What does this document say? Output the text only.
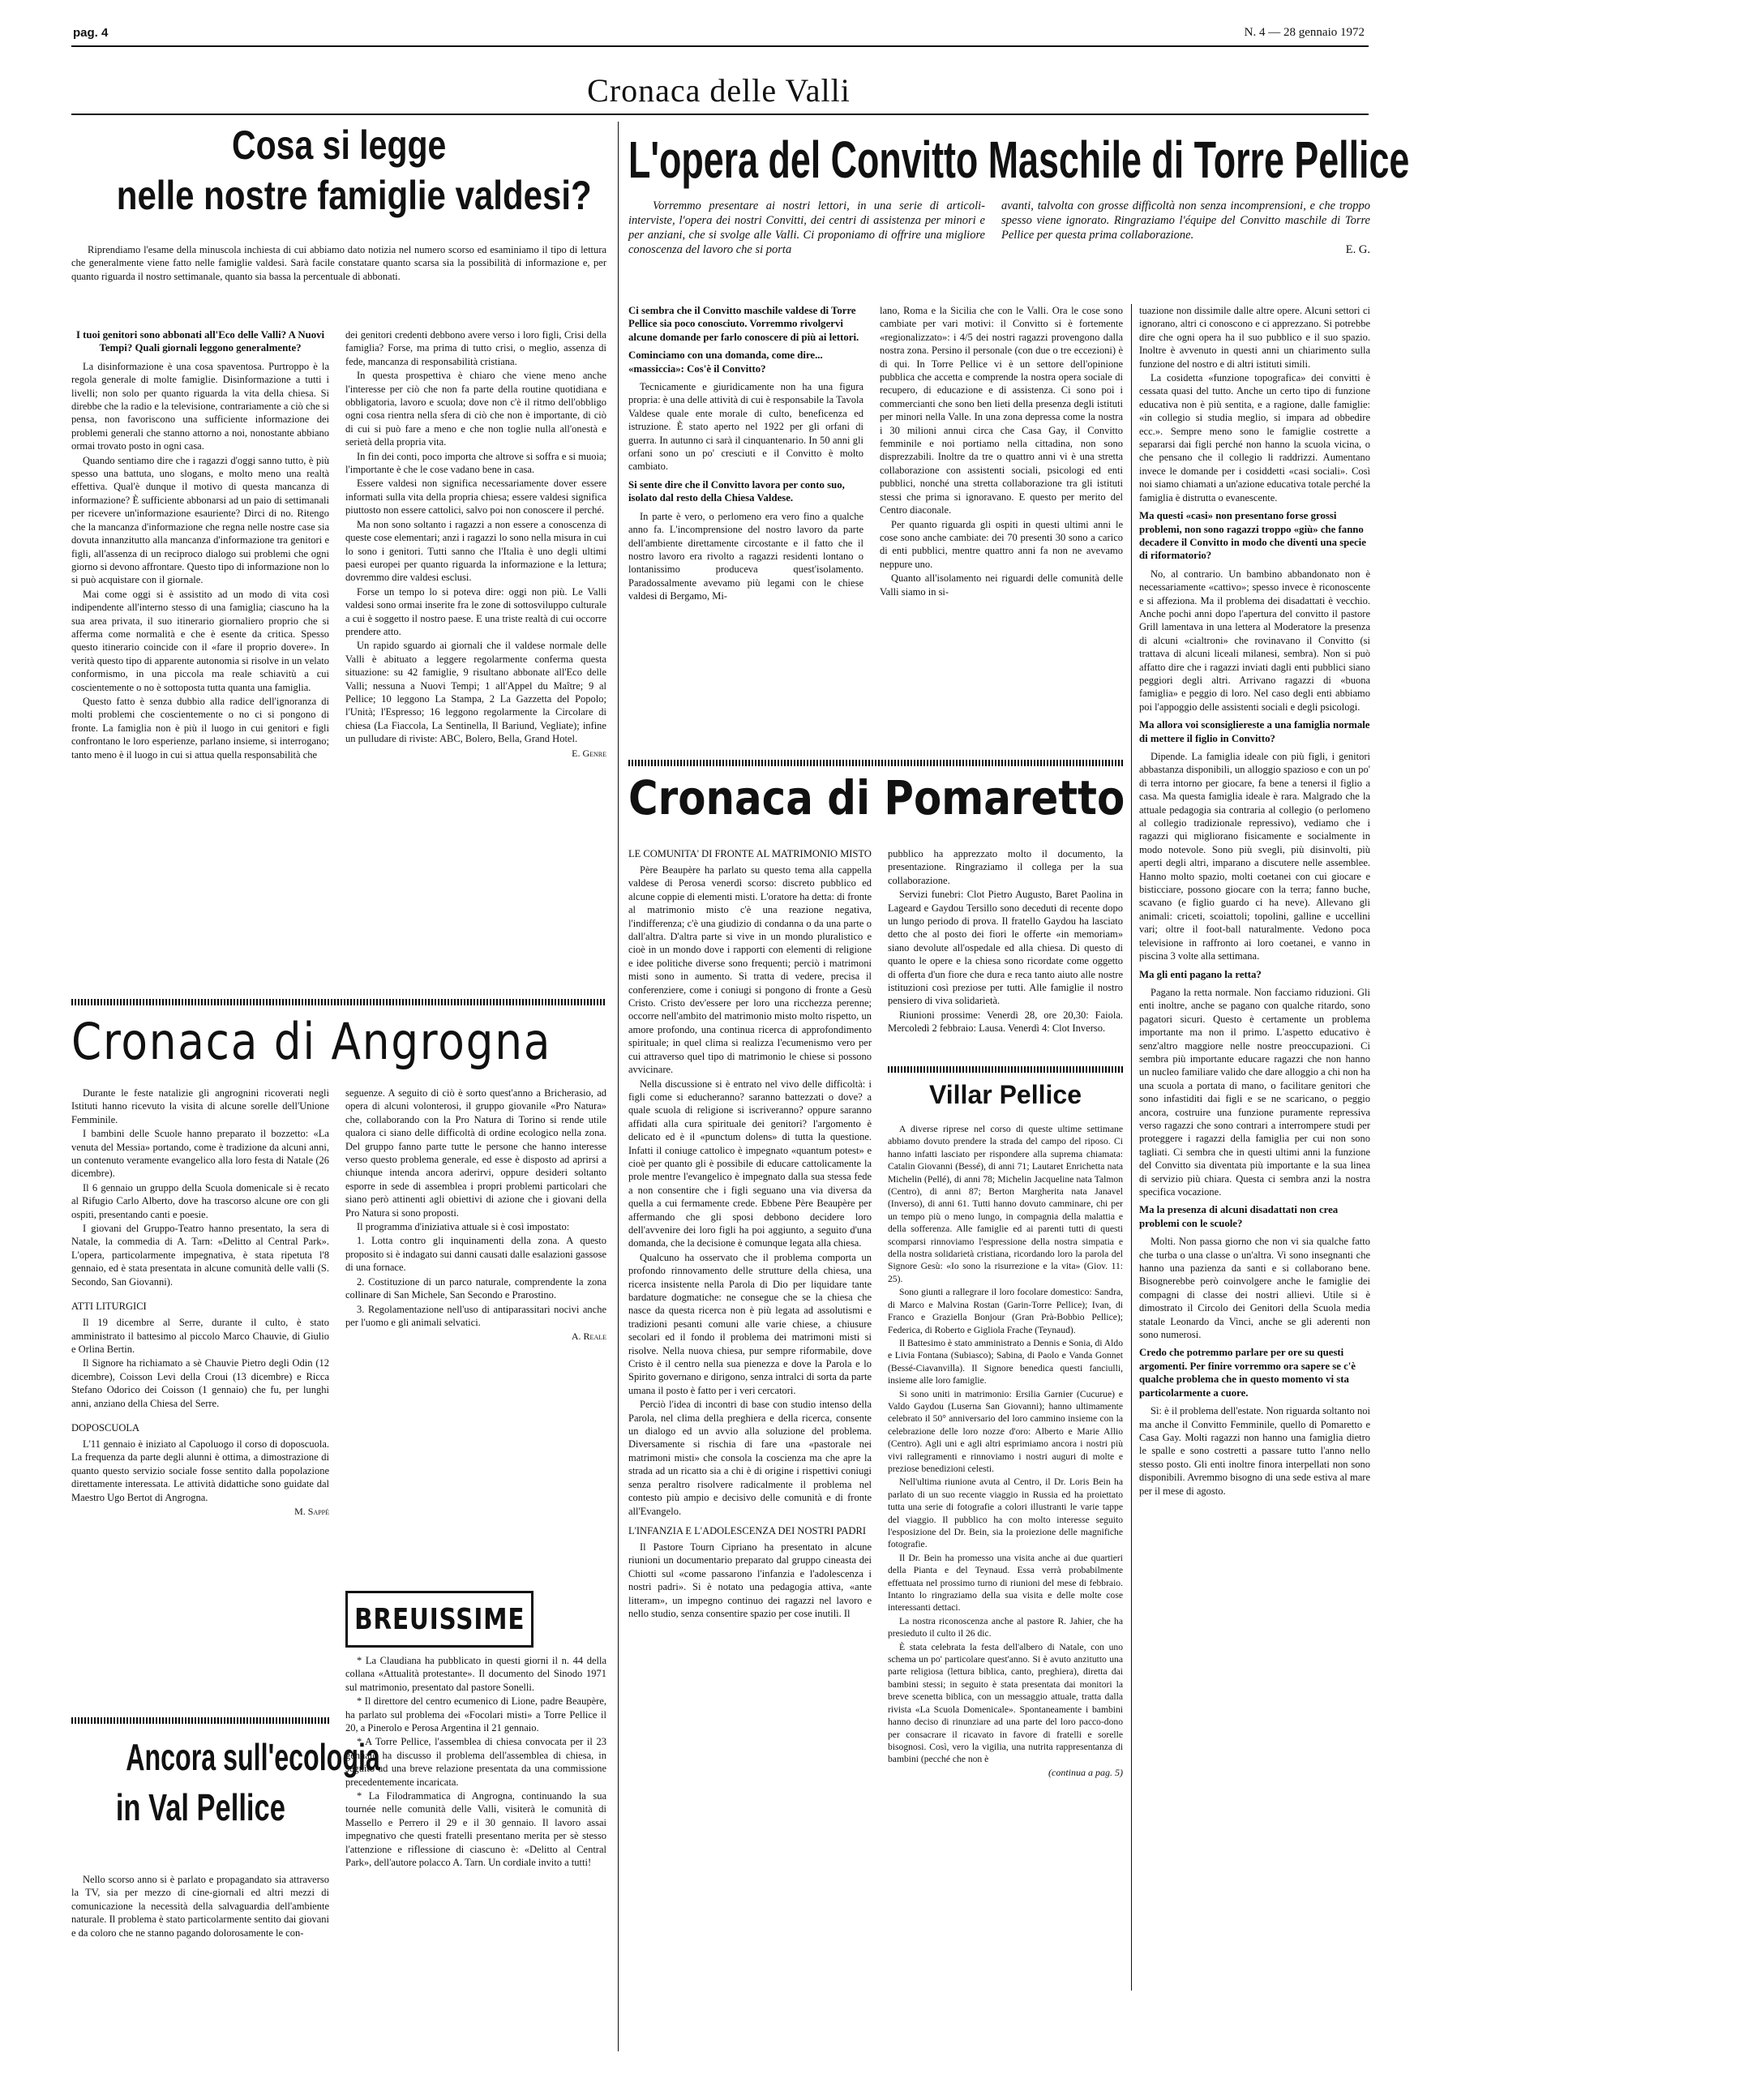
pag. 4	N. 4 — 28 gennaio 1972
Cronaca delle Valli
Cosa si legge
nelle nostre famiglie valdesi?
Riprendiamo l'esame della minuscola inchiesta di cui abbiamo dato notizia nel numero scorso ed esaminiamo il tipo di lettura che generalmente viene fatto nelle famiglie valdesi. Sarà facile constatare quanto scarsa sia la possibilità di informazione e, per quanto riguarda il nostro settimanale, quanto sia bassa la percentuale di abbonati.
I tuoi genitori sono abbonati all'Eco delle Valli? A Nuovi Tempi? Quali giornali leggono generalmente?

La disinformazione è una cosa spaventosa. Purtroppo è la regola generale di molte famiglie. Disinformazione a tutti i livelli; non solo per quanto riguarda la vita della chiesa. Si direbbe che la radio e la televisione, contrariamente a ciò che si pensa, non favoriscono una sufficiente informazione dei problemi generali che stanno attorno a noi, nonostante abbiano ormai trovato posto in ogni casa.

Quando sentiamo dire che i ragazzi d'oggi sanno tutto, è più spesso una battuta, uno slogans, e molto meno una realtà effettiva. Qual'è dunque il motivo di questa mancanza di informazione? È sufficiente abbonarsi ad un paio di settimanali per ricevere un'informazione esauriente? Dirci di no. Ritengo che la mancanza d'informazione che regna nelle nostre case sia dovuta innanzitutto alla mancanza d'informazione tra genitori e figli, all'assenza di un reciproco dialogo sui problemi che ogni giorno si devono affrontare. Questo tipo di informazione non lo si può acquistare con il giornale.

Mai come oggi si è assistito ad un modo di vita così indipendente all'interno stesso di una famiglia; ciascuno ha la sua area privata, il suo itinerario giornaliero proprio che si afferma come normalità e che è esente da critica. Spesso questo itinerario coincide con il «fare il proprio dovere». In verità questo tipo di apparente autonomia si risolve in un velato conformismo, in una piccola ma reale schiavitù a cui coscientemente o no è sottoposta tutta quanta una famiglia.

Questo fatto è senza dubbio alla radice dell'ignoranza di molti problemi che coscientemente o no ci si pongono di fronte. La famiglia non è più il luogo in cui genitori e figli confrontano le loro esperienze, parlano insieme, si interrogano; tanto meno è il luogo in cui si attua quella responsabilità che

dei genitori credenti debbono avere verso i loro figli, Crisi della famiglia? Forse, ma prima di tutto crisi, o meglio, assenza di fede, mancanza di responsabilità cristiana.

In questa prospettiva è chiaro che viene meno anche l'interesse per ciò che non fa parte della routine quotidiana e obbligatoria, lavoro e scuola; dove non c'è il ritmo dell'obbligo ogni cosa rientra nella sfera di ciò che non è importante, di ciò di cui si può fare a meno e che non toglie nulla all'onestà e serietà della propria vita.

In fin dei conti, poco importa che altrove si soffra e si muoia; l'importante è che le cose vadano bene in casa.

Essere valdesi non significa necessariamente dover essere informati sulla vita della propria chiesa; essere valdesi significa piuttosto non essere cattolici, salvo poi non conoscere il perché.

Ma non sono soltanto i ragazzi a non essere a conoscenza di queste cose elementari; anzi i ragazzi lo sono nella misura in cui lo sono i genitori. Tutti sanno che l'Italia è uno degli ultimi paesi europei per quanto riguarda la informazione e la lettura; dovremmo dire valdesi esclusi.

Forse un tempo lo si poteva dire: oggi non più. Le Valli valdesi sono ormai inserite fra le zone di sottosviluppo culturale a cui è soggetto il nostro paese. E una triste realtà di cui occorre prendere atto.

Un rapido sguardo ai giornali che il valdese normale delle Valli è abituato a leggere regolarmente conferma questa situazione: su 42 famiglie, 9 risultano abbonate all'Eco delle Valli; nessuna a Nuovi Tempi; 1 all'Appel du Maître; 9 al Pellice; 10 leggono La Stampa, 2 La Gazzetta del Popolo; l'Unità; l'Espresso; 16 leggono regolarmente la Circolare di chiesa (La Fiaccola, La Sentinella, Il Bariund, Vegliate); infine un pulludare di riviste: ABC, Bolero, Bella, Grand Hotel.

E. Genre
L'opera del Convitto Maschile di Torre Pellice
Vorremmo presentare ai nostri lettori, in una serie di articoli-interviste, l'opera dei nostri Convitti, dei centri di assistenza per minori e per anziani, che si svolge alle Valli. Ci proponiamo di offrire una migliore conoscenza del lavoro che si porta
avanti, talvolta con grosse difficoltà non senza incomprensioni, e che troppo spesso viene ignorato. Ringraziamo l'équipe del Convitto maschile di Torre Pellice per questa prima collaborazione.
E. G.
Ci sembra che il Convitto maschile valdese di Torre Pellice sia poco conosciuto. Vorremmo rivolgervi alcune domande per farlo conoscere di più ai lettori.
Cominciamo con una domanda, come dire... «massiccia»: Cos'è il Convitto?

Tecnicamente e giuridicamente non ha una figura propria: è una delle attività di cui è responsabile la Tavola Valdese quale ente morale di culto, beneficenza ed istruzione. È stato aperto nel 1922 per gli orfani di guerra. In autunno ci sarà il cinquantenario. In 50 anni gli orfani sono un po' cresciuti e il Convitto è molto cambiato.

Si sente dire che il Convitto lavora per conto suo, isolato dal resto della Chiesa Valdese.

In parte è vero, o perlomeno era vero fino a qualche anno fa. L'incomprensione del nostro lavoro da parte dell'ambiente direttamente circostante e il fatto che il nostro lavoro era rivolto a ragazzi residenti lontano o lontanissimo produceva quest'isolamento. Paradossalmente avevamo più legami con le chiese valdesi di Bergamo, Mi-

lano, Roma e la Sicilia che con le Valli. Ora le cose sono cambiate per vari motivi: il Convitto si è fortemente «regionalizzato»: i 4/5 dei nostri ragazzi provengono dalla nostra zona. Persino il personale (con due o tre eccezioni) è di qui. In Torre Pellice vi è un settore dell'opinione pubblica che accetta e comprende la nostra opera sociale di recupero, di educazione e di assistenza. Ci sono poi i commercianti che sono ben lieti della presenza degli istituti per minori nella Valle. In una zona depressa come la nostra i 30 milioni annui circa che Casa Gay, il Convitto femminile e noi portiamo nella cittadina, non sono disprezzabili. Inoltre da tre o quattro anni vi è una stretta collaborazione con assistenti sociali, psicologi ed enti pubblici, nonché una stretta collaborazione tra gli istituti stessi che prima si ignoravano. E questo per merito del Centro diaconale.

Per quanto riguarda gli ospiti in questi ultimi anni le cose sono anche cambiate: dei 70 presenti 30 sono a carico di enti pubblici, mentre quattro anni fa non ne avevamo neppure uno.

Quanto all'isolamento nei riguardi delle comunità delle Valli siamo in si-

tuazione non dissimile dalle altre opere. Alcuni settori ci ignorano, altri ci conoscono e ci apprezzano. Si potrebbe dire che ogni opera ha il suo pubblico e il suo spazio. Inoltre è avvenuto in questi anni un chiarimento sulla funzione del nostro e di altri istituti simili.

La cosidetta «funzione topografica» dei convitti è cessata quasi del tutto. Anche un certo tipo di funzione educativa non è più sentita, e a ragione, dalle famiglie: «in collegio si studia meglio, si impara ad obbedire ecc.». Sempre meno sono le famiglie costrette a separarsi dai figli perché non hanno la scuola vicina, o che pensano che il collegio li raddrizzi. Aumentano invece le domande per i cosiddetti «casi sociali». Così noi siamo chiamati a un'azione educativa totale perché la famiglia è distrutta o evanescente.

Ma questi «casi» non presentano forse grossi problemi, non sono ragazzi troppo «giù» che fanno decadere il Convitto in modo che diventi una specie di riformatorio?

No, al contrario. Un bambino abbandonato non è necessariamente «cattivo»; spesso invece è riconoscente e si affeziona. Ma il problema dei disadattati è vecchio. Anche pochi anni dopo l'apertura del convitto il pastore Grill lamentava in una lettera al Moderatore la presenza di alcuni «cialtroni» che rovinavano il Convitto (si trattava di alcuni liceali milanesi, sembra). Non si può affatto dire che i ragazzi inviati dagli enti pubblici siano peggiori degli altri. Arrivano ragazzi di «buona famiglia» e peggio di loro. Nel caso degli enti abbiamo poi l'appoggio delle assistenti sociali e degli psicologi.

Ma allora voi sconsigliereste a una famiglia normale di mettere il figlio in Convitto?

Dipende. La famiglia ideale con più figli, i genitori abbastanza disponibili, un alloggio spazioso e con un po' di terra intorno per giocare, fa bene a tenersi il figlio a casa. Ma questa famiglia ideale è rara. Malgrado che la attuale pedagogia sia contraria al collegio (o perlomeno al collegio tradizionale repressivo), vediamo che i ragazzi qui migliorano fisicamente e socialmente in modo notevole. Sono più svegli, più disinvolti, più aperti degli altri, imparano a discutere nelle assemblee. Hanno molto spazio, molti coetanei con cui giocare e bisticciare, possono giocare con la terra; fanno buche, scavano (e figlio guardo ci ha neve). Allevano gli animali: criceti, scoiattoli; topolini, galline e uccellini vari; oltre il foot-ball naturalmente. Vedono poca televisione in raffronto ai loro coetanei, e vanno in piscina 3 volte alla settimana.

Ma gli enti pagano la retta?

Pagano la retta normale. Non facciamo riduzioni. Gli enti inoltre, anche se pagano con qualche ritardo, sono pagatori sicuri. Questo è certamente un problema importante ma non il primo. L'aspetto educativo è senz'altro maggiore nelle nostre preoccupazioni. Ci sembra più importante educare ragazzi che non hanno un nucleo familiare valido che dare alloggio a chi non ha una scuola a portata di mano, o facilitare genitori che sono infastiditi dai figli e se ne scaricano, o peggio ancora, costruire una funzione puramente repressiva verso ragazzi che sono contrari a interrompere studi per proteggere i ragazzi della famiglia per cui non sono tagliati. Ci sembra che in questi ultimi anni la funzione del Convitto sia diventata più importante e la sua linea di servizio più chiara. Questa ci sembra anzi la nostra specifica vocazione.

Ma la presenza di alcuni disadattati non crea problemi con le scuole?

Molti. Non passa giorno che non vi sia qualche fatto che turba o una classe o un'altra. Vi sono insegnanti che hanno una pazienza da santi e si collaborano bene. Bisognerebbe però coinvolgere anche le famiglie dei compagni di classe dei nostri allievi. Utile si è dimostrato il Circolo dei Genitori della Scuola media statale Leonardo da Vinci, anche se gli aderenti non sono numerosi.

Credo che potremmo parlare per ore su questi argomenti. Per finire vorremmo ora sapere se c'è qualche problema che in questo momento vi sta particolarmente a cuore.

Sì: è il problema dell'estate. Non riguarda soltanto noi ma anche il Convitto Femminile, quello di Pomaretto e Casa Gay. Molti ragazzi non hanno una famiglia dietro le spalle e sono costretti a passare tutto l'anno nello stesso posto. Gli enti inoltre finora interpellati non sono disponibili. Avremmo bisogno di una sede estiva al mare per il mese di agosto.

Cronaca di Pomaretto
LE COMUNITA' DI FRONTE AL MATRIMONIO MISTO

Père Beaupère ha parlato su questo tema alla cappella valdese di Perosa venerdì scorso: discreto pubblico ed alcune coppie di elementi misti. L'oratore ha detta: di fronte al matrimonio misto c'è una reazione negativa, l'indifferenza; c'è una giudizio di condanna o da una parte o dall'altra. D'altra parte si vive in un mondo pluralistico e cioè in un mondo dove i rapporti con elementi di religione e idee politiche diverse sono frequenti; perciò i matrimoni misti sono in aumento. Si tratta di vedere, precisa il conferenziere, come i coniugi si pongono di fronte a Gesù Cristo. Cristo dev'essere per loro una ricchezza perenne; occorre nell'ambito del matrimonio misto molto rispetto, un amore profondo, una continua ricerca di approfondimento spirituale; in quel clima si realizza l'ecumenismo vero per cui attraverso quel tipo di matrimonio le chiese si possono avvicinare.

Nella discussione si è entrato nel vivo delle difficoltà: i figli come si educheranno? saranno battezzati o dove? a quale scuola di religione si iscriveranno? oppure saranno affidati alla cura spirituale dei genitori? l'argomento è delicato ed è il «punctum dolens» di tutta la questione. Infatti il coniuge cattolico è impegnato «quantum potest» e cioè per quanto gli è possibile di educare cattolicamente la prole mentre l'evangelico è impegnato dalla sua stessa fede a non consentire che i figli seguano una via diversa da quella a cui fermamente crede. Ebbene Père Beaupère per affermando che gli sposi debbono decidere loro dell'avvenire dei loro figli ha poi aggiunto, a seguito d'una domanda, che la decisione è comunque legata alla chiesa.

Qualcuno ha osservato che il problema comporta un profondo rinnovamento delle strutture della chiesa, una ricerca insistente nella Parola di Dio per liquidare tante bardature dogmatiche: ne consegue che se la chiesa che nasce da questa ricerca non è più legata ad assolutismi e tradizioni pesanti comuni alle varie chiese, a chiusure secolari ed il fondo il problema dei matrimoni misti si risolve. Nella nuova chiesa, pur sempre riformabile, dove Cristo è il centro nella sua pienezza e dove la Parola e lo Spirito governano e dirigono, senza intralci di sorta da parte umana il posto è fatto per i veri cercatori.

Perciò l'idea di incontri di base con studio intenso della Parola, nel clima della preghiera e della ricerca, consente un dialogo ed un avvio alla soluzione del problema. Diversamente si rischia di fare una «pastorale nei matrimoni misti» che consola la coscienza ma che apre la strada ad un ricatto sia a chi è di origine i rispettivi coniugi senza peraltro risolvere radicalmente il problema nel contesto più ampio e decisivo delle comunità e di fronte all'Evangelo.

L'INFANZIA E L'ADOLESCENZA DEI NOSTRI PADRI

Il Pastore Tourn Cipriano ha presentato in alcune riunioni un documentario preparato dal gruppo cineasta dei Chiotti sul «come passarono l'infanzia e l'adolescenza i nostri padri». Si è notato una pedagogia attiva, «ante litteram», un impegno continuo dei ragazzi nel lavoro e nello studio, senza consentire spazio per cose inutili. Il

pubblico ha apprezzato molto il documento, la presentazione. Ringraziamo il collega per la sua collaborazione.

Servizi funebri: Clot Pietro Augusto, Baret Paolina in Lageard e Gaydou Tersillo sono deceduti di recente dopo un lungo periodo di prova. Il fratello Gaydou ha lasciato detto che al posto dei fiori le offerte «in memoriam» siano devolute all'ospedale ed alla chiesa. Di questo di quanto le opere e la chiesa sono ricordate come oggetto di offerta d'un fiore che dura e reca tanto aiuto alle nostre istituzioni così preziose per tutti. Alle famiglie il nostro pensiero di viva solidarietà.

Riunioni prossime: Venerdì 28, ore 20,30: Faiola. Mercoledì 2 febbraio: Lausa. Venerdì 4: Clot Inverso.

Villar Pellice

A diverse riprese nel corso di queste ultime settimane abbiamo dovuto prendere la strada del campo del riposo. Ci hanno infatti lasciato per rispondere alla suprema chiamata: Catalin Giovanni (Bessé), di anni 71; Lautaret Enrichetta nata Michelin (Pellé), di anni 78; Michelin Jacqueline nata Talmon (Centro), di anni 87; Berton Margherita nata Janavel (Inverso), di anni 61. Tutti hanno dovuto camminare, chi per un tempo più o meno lungo, in compagnia della malattia e della sofferenza. Alle famiglie ed ai parenti tutti di questi scomparsi rinnoviamo l'espressione della nostra simpatia e della nostra solidarietà cristiana, ricordando loro la parola del Signore Gesù: «Io sono la risurrezione e la vita» (Giov. 11: 25).

Sono giunti a rallegrare il loro focolare domestico: Sandra, di Marco e Malvina Rostan (Garin-Torre Pellice); Ivan, di Franco e Graziella Bonjour (Gran Prà-Bobbio Pellice); Federica, di Roberto e Gigliola Frache (Teynaud).

Il Battesimo è stato amministrato a Dennis e Sonia, di Aldo e Livia Fontana (Subiasco); Sabina, di Paolo e Vanda Gonnet (Bessé-Ciavanvilla). Il Signore benedica questi fanciulli, insieme alle loro famiglie.

Si sono uniti in matrimonio: Ersilia Garnier (Cucurue) e Valdo Gaydou (Luserna San Giovanni); hanno ultimamente celebrato il 50° anniversario del loro cammino insieme con la celebrazione delle loro nozze d'oro: Alberto e Marie Allio (Centro). Agli uni e agli altri esprimiamo ancora i nostri più vivi rallegramenti e rinnoviamo i nostri auguri di molte e preziose benedizioni celesti.

Nell'ultima riunione avuta al Centro, il Dr. Loris Bein ha parlato di un suo recente viaggio in Russia ed ha proiettato tutta una serie di fotografie a colori illustranti le varie tappe del viaggio. Il pubblico ha con molto interesse seguito l'esposizione del Dr. Bein, sia la proiezione delle magnifiche fotografie.

Il Dr. Bein ha promesso una visita anche ai due quartieri della Pianta e del Teynaud. Essa verrà probabilmente effettuata nel prossimo turno di riunioni del mese di febbraio. Intanto lo ringraziamo della sua visita e delle molte cose interessanti dettaci.

La nostra riconoscenza anche al pastore R. Jahier, che ha presieduto il culto il 26 dic.

È stata celebrata la festa dell'albero di Natale, con uno schema un po' particolare quest'anno. Si è avuto anzitutto una parte religiosa (lettura biblica, canto, preghiera), diretta dai bambini stessi; in seguito è stata presentata dai monitori la breve scenetta biblica, con un messaggio attuale, tratta dalla rivista «La Scuola Domenicale». Spontaneamente i bambini hanno deciso di rinunziare ad una parte del loro pacco-dono per consacrare il ricavato in favore di fratelli e sorelle bisognosi. Così, vero la vigilia, una nutrita rappresentanza di bambini (pecché che non è

(continua a pag. 5)
Cronaca di Angrogna

Durante le feste natalizie gli angrognini ricoverati negli Istituti hanno ricevuto la visita di alcune sorelle dell'Unione Femminile.

I bambini delle Scuole hanno preparato il bozzetto: «La venuta del Messia» portando, come è tradizione da alcuni anni, un contenuto veramente evangelico alla loro festa di Natale (26 dicembre).

Il 6 gennaio un gruppo della Scuola domenicale si è recato al Rifugio Carlo Alberto, dove ha trascorso alcune ore con gli ospiti, presentando canti e poesie.

I giovani del Gruppo-Teatro hanno presentato, la sera di Natale, la commedia di A. Tarn: «Delitto al Central Park». L'opera, particolarmente impegnativa, è stata ripetuta l'8 gennaio, ed è stata presentata in alcune comunità delle valli (S. Secondo, San Giovanni).

ATTI LITURGICI

Il 19 dicembre al Serre, durante il culto, è stato amministrato il battesimo al piccolo Marco Chauvie, di Giulio e Orlina Bertin.

Il Signore ha richiamato a sè Chauvie Pietro degli Odin (12 dicembre), Coisson Levi della Croui (13 dicembre) e Ricca Stefano Odorico dei Coisson (1 gennaio) che fu, per lunghi anni, anziano della Chiesa del Serre.

DOPOSCUOLA

L'11 gennaio è iniziato al Capoluogo il corso di doposcuola. La frequenza da parte degli alunni è ottima, a dimostrazione di quanto questo servizio sociale fosse sentito dalla popolazione direttamente interessata. Le attività didattiche sono guidate dal Maestro Ugo Bertot di Angrogna.

M. Sappé

seguenze. A seguito di ciò è sorto quest'anno a Bricherasio, ad opera di alcuni volonterosi, il gruppo giovanile «Pro Natura» che, collaborando con la Pro Natura di Torino si rende utile qualora ci siano delle difficoltà di ordine ecologico nella zona. Del gruppo fanno parte tutte le persone che hanno interesse verso questo problema generale, ed esse è disposto ad aprirsi a chiunque intenda ancora aderirvi, oppure desideri soltanto esporre in sede di assemblea i propri problemi particolari che siano però attinenti agli obiettivi di azione che i giovani della Pro Natura si sono proposti.

Il programma d'iniziativa attuale si è così impostato:

1. Lotta contro gli inquinamenti della zona. A questo proposito si è indagato sui danni causati dalle esalazioni gassose di una fornace.

2. Costituzione di un parco naturale, comprendente la zona collinare di San Michele, San Secondo e Prarostino.

3. Regolamentazione nell'uso di antiparassitari nocivi anche per l'uomo e gli animali selvatici.

A. Reale
Ancora sull'ecologia
in Val Pellice

Nello scorso anno si è parlato e propagandato sia attraverso la TV, sia per mezzo di cine-giornali ed altri mezzi di comunicazione la necessità della salvaguardia dell'ambiente naturale. Il problema è stato particolarmente sentito dai giovani e da coloro che ne stanno pagando dolorosamente le con-

BREUISSIME

* La Claudiana ha pubblicato in questi giorni il n. 44 della collana «Attualità protestante». Il documento del Sinodo 1971 sul matrimonio, presentato dal pastore Sonelli.

* Il direttore del centro ecumenico di Lione, padre Beaupère, ha parlato sul problema dei «Focolari misti» a Torre Pellice il 20, a Pinerolo e Perosa Argentina il 21 gennaio.

* A Torre Pellice, l'assemblea di chiesa convocata per il 23 gennaio ha discusso il problema dell'assemblea di chiesa, in seguito ad una breve relazione presentata da una commissione precedentemente incaricata.

* La Filodrammatica di Angrogna, continuando la sua tournée nelle comunità delle Valli, visiterà le comunità di Massello e Perrero il 29 e il 30 gennaio. Il lavoro assai impegnativo che questi fratelli presentano merita per sè stesso l'attenzione e riflessione di ciascuno è: «Delitto al Central Park», dell'autore polacco A. Tarn. Un cordiale invito a tutti!
